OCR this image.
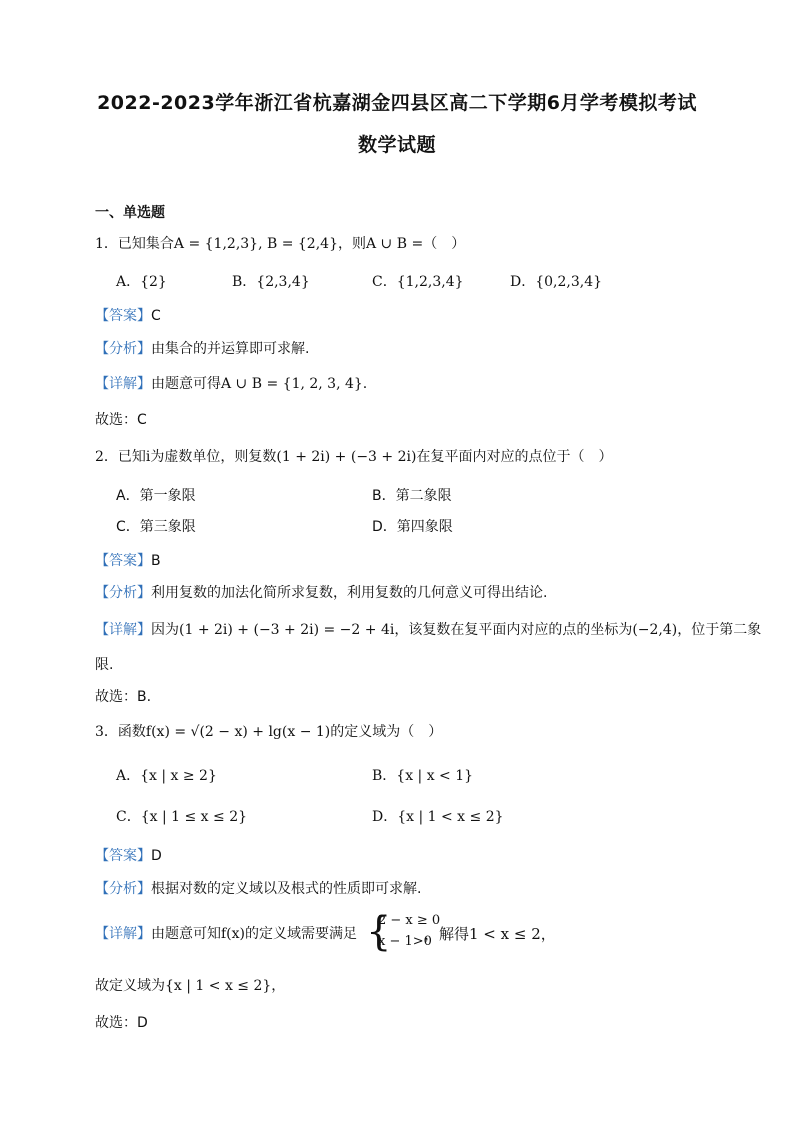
2022-2023学年浙江省杭嘉湖金四县区高二下学期6月学考模拟考试
数学试题
一、单选题
1．已知集合A = {1,2,3}, B = {2,4}，则A ∪ B =（　）
A．{2}	B．{2,3,4}	C．{1,2,3,4}	D．{0,2,3,4}
【答案】C
【分析】由集合的并运算即可求解.
【详解】由题意可得A ∪ B = {1, 2, 3, 4}.
故选：C
2．已知i为虚数单位，则复数(1 + 2i) + (−3 + 2i)在复平面内对应的点位于（　）
A．第一象限	B．第二象限
C．第三象限	D．第四象限
【答案】B
【分析】利用复数的加法化简所求复数，利用复数的几何意义可得出结论.
【详解】因为(1 + 2i) + (−3 + 2i) = −2 + 4i，该复数在复平面内对应的点的坐标为(−2,4)，位于第二象
限.
故选：B.
3．函数f(x) = √(2 − x) + lg(x − 1)的定义域为（　）
A．{x | x ≥ 2}	B．{x | x < 1}
C．{x | 1 ≤ x ≤ 2}	D．{x | 1 < x ≤ 2}
【答案】D
【分析】根据对数的定义域以及根式的性质即可求解.
【详解】由题意可知f(x)的定义域需要满足 {
2 − x ≥ 0
x − 1>0
，解得1 < x ≤ 2，
故定义域为{x | 1 < x ≤ 2}，
故选：D
